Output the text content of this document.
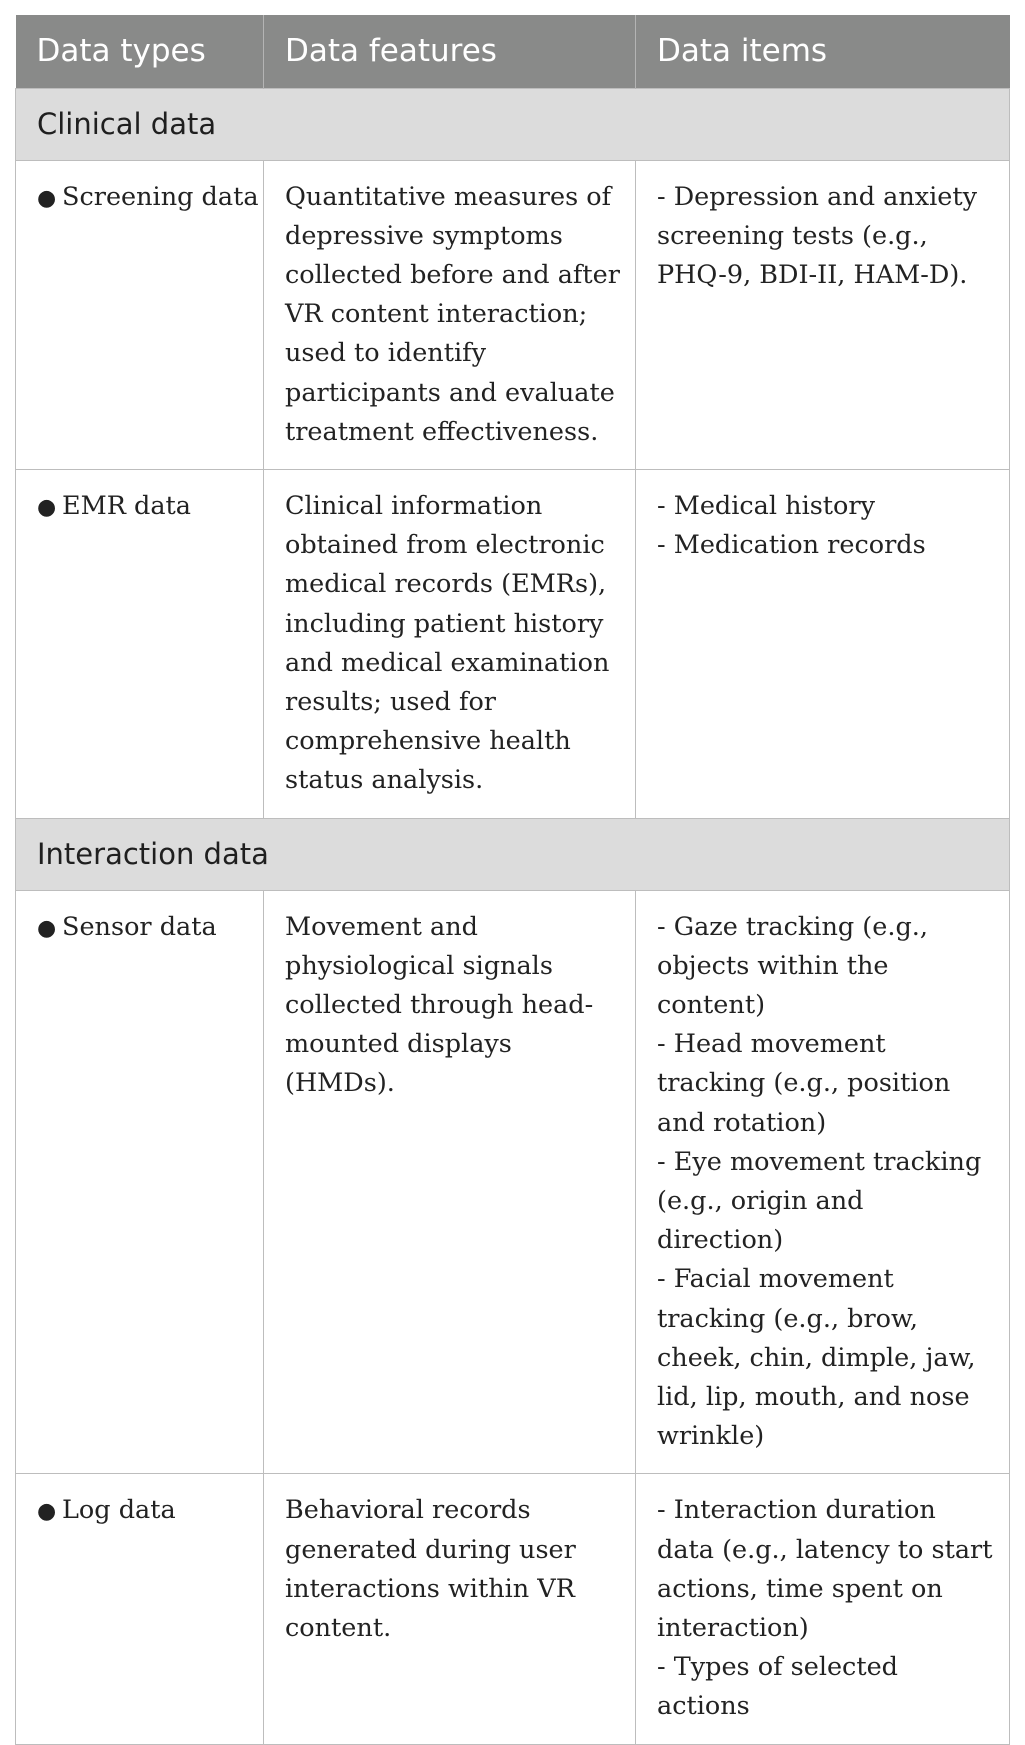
Data types	Data features	Data items
Clinical data		
● Screening data	Quantitative measures of depressive symptoms collected before and after VR content interaction; used to identify participants and evaluate treatment effectiveness.	- Depression and anxiety screening tests (e.g., PHQ-9, BDI-II, HAM-D).

● EMR data	Clinical information obtained from electronic medical records (EMRs), including patient history and medical examination results; used for comprehensive health status analysis.	- Medical history
- Medication records

Interaction data		
● Sensor data	Movement and physiological signals collected through head-mounted displays (HMDs).	- Gaze tracking (e.g., objects within the content)
- Head movement tracking (e.g., position and rotation)
- Eye movement tracking (e.g., origin and direction)
- Facial movement tracking (e.g., brow, cheek, chin, dimple, jaw, lid, lip, mouth, and nose wrinkle)

● Log data	Behavioral records generated during user interactions within VR content.	- Interaction duration data (e.g., latency to start actions, time spent on interaction)
- Types of selected actions
